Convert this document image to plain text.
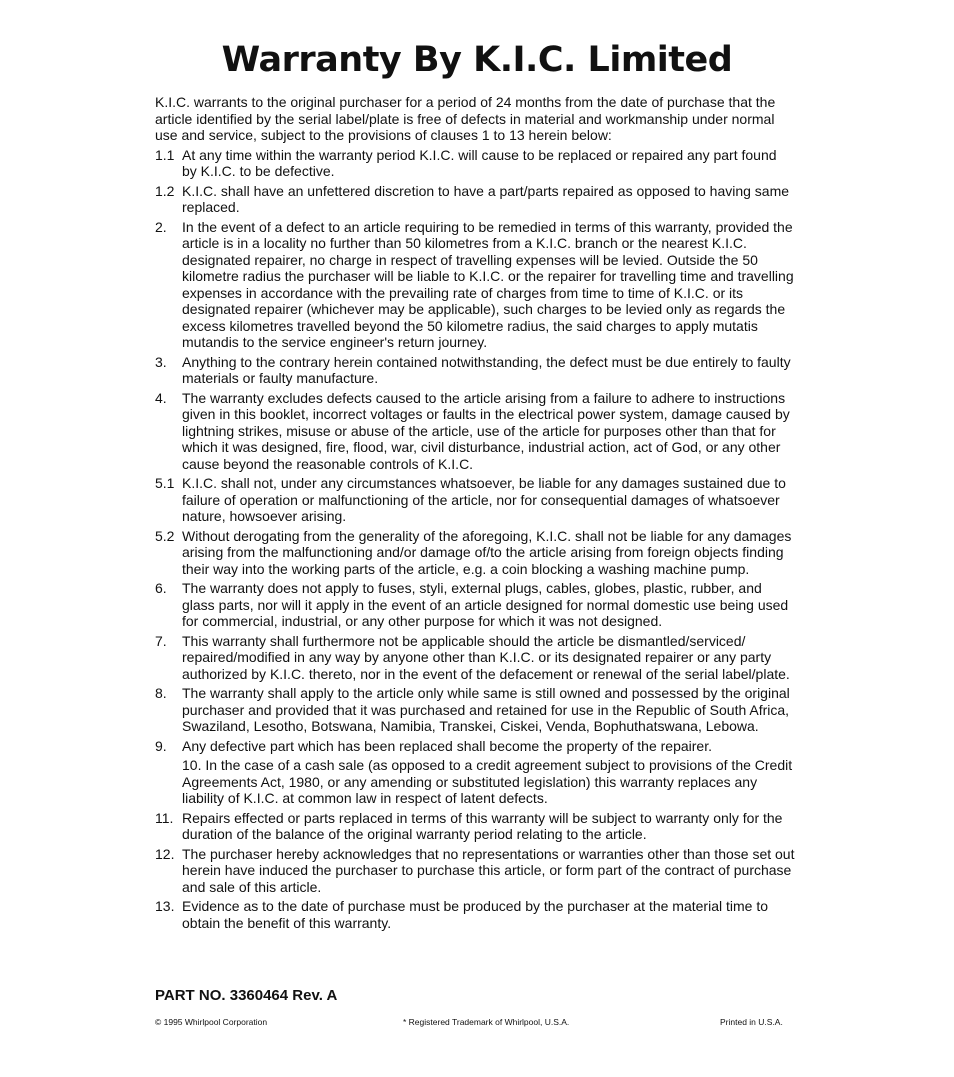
Warranty By K.I.C. Limited

K.I.C. warrants to the original purchaser for a period of 24 months from the date of purchase that the article identified by the serial label/plate is free of defects in material and workmanship under normal use and service, subject to the provisions of clauses 1 to 13 herein below:

1.1 At any time within the warranty period K.I.C. will cause to be replaced or repaired any part found by K.I.C. to be defective.
1.2 K.I.C. shall have an unfettered discretion to have a part/parts repaired as opposed to having same replaced.
2.	In the event of a defect to an article requiring to be remedied in terms of this warranty, provided the article is in a locality no further than 50 kilometres from a K.I.C. branch or the nearest K.I.C. designated repairer, no charge in respect of travelling expenses will be levied. Outside the 50 kilometre radius the purchaser will be liable to K.I.C. or the repairer for travelling time and travelling expenses in accordance with the prevailing rate of charges from time to time of K.I.C. or its designated repairer (whichever may be applicable), such charges to be levied only as regards the excess kilometres travelled beyond the 50 kilometre radius, the said charges to apply mutatis mutandis to the service engineer's return journey.
3.	Anything to the contrary herein contained notwithstanding, the defect must be due entirely to faulty materials or faulty manufacture.
4.	The warranty excludes defects caused to the article arising from a failure to adhere to instructions given in this booklet, incorrect voltages or faults in the electrical power system, damage caused by lightning strikes, misuse or abuse of the article, use of the article for purposes other than that for which it was designed, fire, flood, war, civil disturbance, industrial action, act of God, or any other cause beyond the reasonable controls of K.I.C.
5.1 K.I.C. shall not, under any circumstances whatsoever, be liable for any damages sustained due to failure of operation or malfunctioning of the article, nor for consequential damages of whatsoever nature, howsoever arising.
5.2 Without derogating from the generality of the aforegoing, K.I.C. shall not be liable for any damages arising from the malfunctioning and/or damage of/to the article arising from foreign objects finding their way into the working parts of the article, e.g. a coin blocking a washing machine pump.
6.	The warranty does not apply to fuses, styli, external plugs, cables, globes, plastic, rubber, and glass parts, nor will it apply in the event of an article designed for normal domestic use being used for commercial, industrial, or any other purpose for which it was not designed.
7.	This warranty shall furthermore not be applicable should the article be dismantled/serviced/ repaired/modified in any way by anyone other than K.I.C. or its designated repairer or any party authorized by K.I.C. thereto, nor in the event of the defacement or renewal of the serial label/plate.
8.	The warranty shall apply to the article only while same is still owned and possessed by the original purchaser and provided that it was purchased and retained for use in the Republic of South Africa, Swaziland, Lesotho, Botswana, Namibia, Transkei, Ciskei, Venda, Bophuthatswana, Lebowa.
9.	Any defective part which has been replaced shall become the property of the repairer.
10. In the case of a cash sale (as opposed to a credit agreement subject to provisions of the Credit Agreements Act, 1980, or any amending or substituted legislation) this warranty replaces any liability of K.I.C. at common law in respect of latent defects.
11. Repairs effected or parts replaced in terms of this warranty will be subject to warranty only for the duration of the balance of the original warranty period relating to the article.
12. The purchaser hereby acknowledges that no representations or warranties other than those set out herein have induced the purchaser to purchase this article, or form part of the contract of purchase and sale of this article.
13. Evidence as to the date of purchase must be produced by the purchaser at the material time to obtain the benefit of this warranty.
PART NO. 3360464 Rev. A
© 1995 Whirlpool Corporation	* Registered Trademark of Whirlpool, U.S.A.	Printed in U.S.A.
